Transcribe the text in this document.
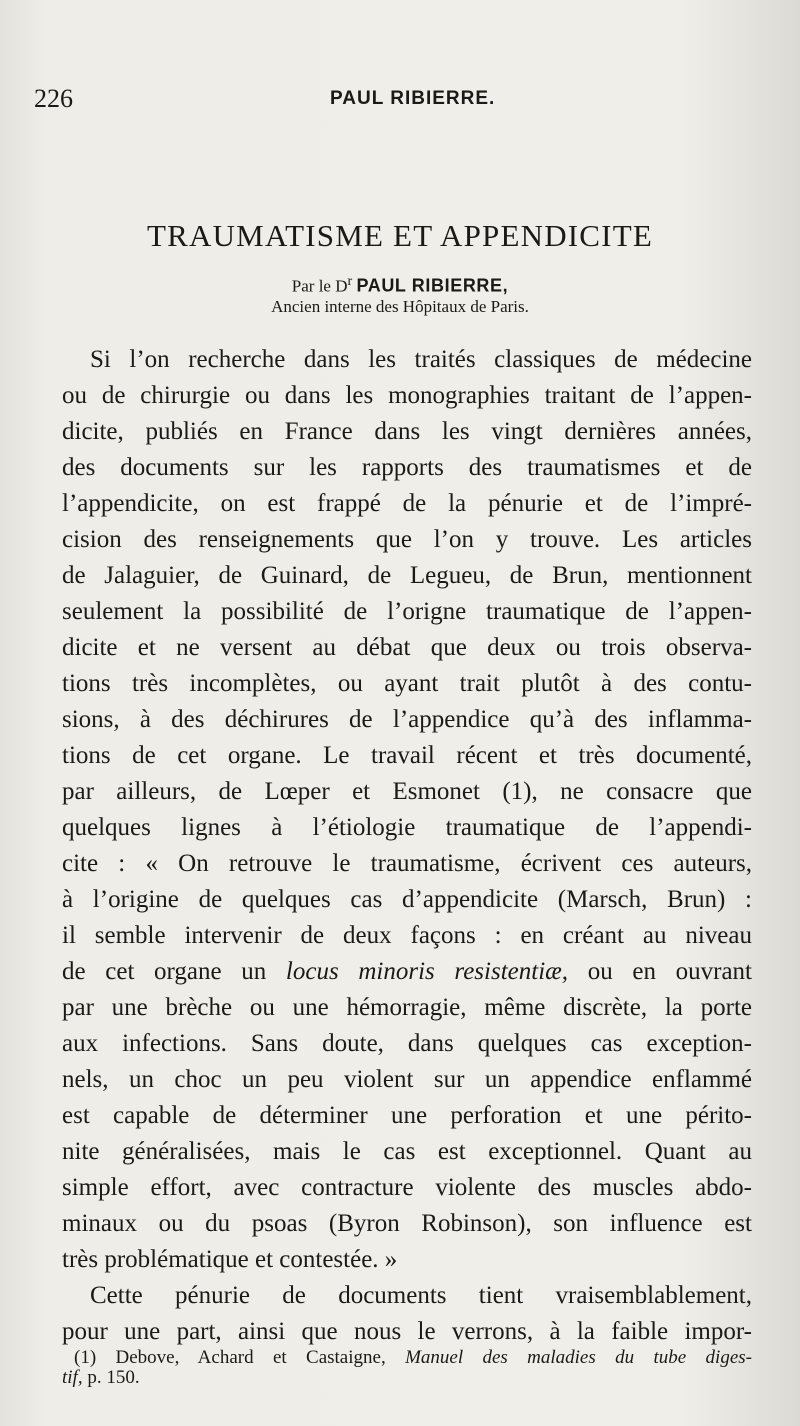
226	PAUL RIBIERRE.
TRAUMATISME ET APPENDICITE
Par le $D^r$ PAUL RIBIERRE,
Ancien interne des Hôpitaux de Paris.
Si l’on recherche dans les traités classiques de médecine
ou de chirurgie ou dans les monographies traitant de l’appen-
dicite, publiés en France dans les vingt dernières années,
des documents sur les rapports des traumatismes et de
l’appendicite, on est frappé de la pénurie et de l’impré-
cision des renseignements que l’on y trouve. Les articles
de Jalaguier, de Guinard, de Legueu, de Brun, mentionnent
seulement la possibilité de l’origne traumatique de l’appen-
dicite et ne versent au débat que deux ou trois observa-
tions très incomplètes, ou ayant trait plutôt à des contu-
sions, à des déchirures de l’appendice qu’à des inflamma-
tions de cet organe. Le travail récent et très documenté,
par ailleurs, de Lœper et Esmonet (1), ne consacre que
quelques lignes à l’étiologie traumatique de l’appendi-
cite : « On retrouve le traumatisme, écrivent ces auteurs,
à l’origine de quelques cas d’appendicite (Marsch, Brun) :
il semble intervenir de deux façons : en créant au niveau
de cet organe un locus minoris resistentiæ, ou en ouvrant
par une brèche ou une hémorragie, même discrète, la porte
aux infections. Sans doute, dans quelques cas exception-
nels, un choc un peu violent sur un appendice enflammé
est capable de déterminer une perforation et une périto-
nite généralisées, mais le cas est exceptionnel. Quant au
simple effort, avec contracture violente des muscles abdo-
minaux ou du psoas (Byron Robinson), son influence est
très problématique et contestée. »
Cette pénurie de documents tient vraisemblablement,
pour une part, ainsi que nous le verrons, à la faible impor-
(1) Debove, Achard et Castaigne, Manuel des maladies du tube diges-
tif, p. 150.
